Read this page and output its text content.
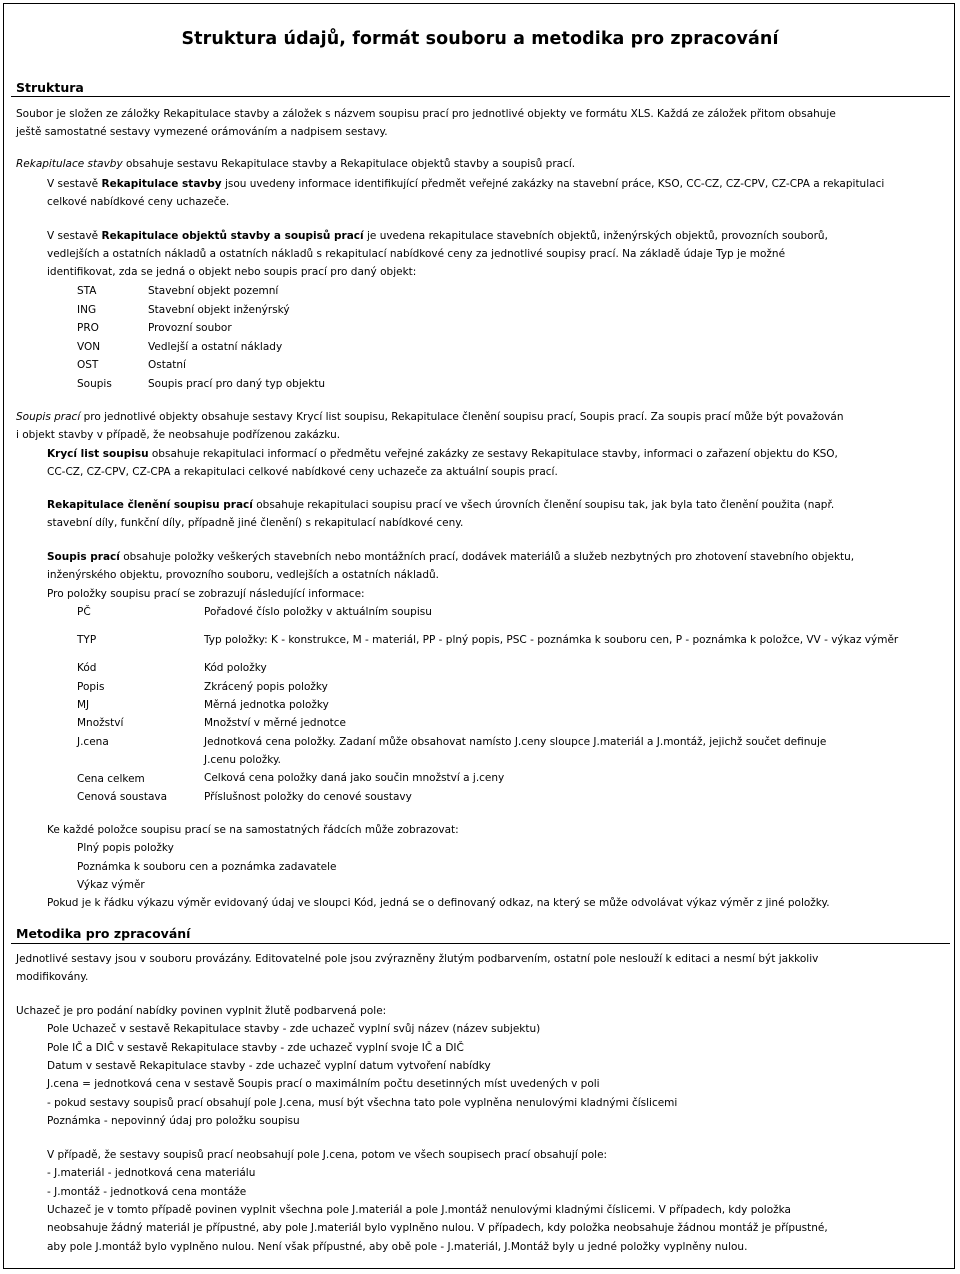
Struktura údajů, formát souboru a metodika pro zpracování
Struktura
Soubor je složen ze záložky Rekapitulace stavby a záložek s názvem soupisu prací pro jednotlivé objekty ve formátu XLS. Každá ze záložek přitom obsahuje
ještě samostatné sestavy vymezené orámováním a nadpisem sestavy.
Rekapitulace stavby obsahuje sestavu Rekapitulace stavby a Rekapitulace objektů stavby a soupisů prací.
V sestavě Rekapitulace stavby jsou uvedeny informace identifikující předmět veřejné zakázky na stavební práce, KSO, CC-CZ, CZ-CPV, CZ-CPA a rekapitulaci
celkové nabídkové ceny uchazeče.
V sestavě Rekapitulace objektů stavby a soupisů prací je uvedena rekapitulace stavebních objektů, inženýrských objektů, provozních souborů,
vedlejších a ostatních nákladů a ostatních nákladů s rekapitulací nabídkové ceny za jednotlivé soupisy prací. Na základě údaje Typ je možné
identifikovat, zda se jedná o objekt nebo soupis prací pro daný objekt:
STA	Stavební objekt pozemní
ING	Stavební objekt inženýrský
PRO	Provozní soubor
VON	Vedlejší a ostatní náklady
OST	Ostatní
Soupis	Soupis prací pro daný typ objektu
Soupis prací pro jednotlivé objekty obsahuje sestavy Krycí list soupisu, Rekapitulace členění soupisu prací, Soupis prací. Za soupis prací může být považován
i objekt stavby v případě, že neobsahuje podřízenou zakázku.
Krycí list soupisu obsahuje rekapitulaci informací o předmětu veřejné zakázky ze sestavy Rekapitulace stavby, informaci o zařazení objektu do KSO,
CC-CZ, CZ-CPV, CZ-CPA a rekapitulaci celkové nabídkové ceny uchazeče za aktuální soupis prací.
Rekapitulace členění soupisu prací obsahuje rekapitulaci soupisu prací ve všech úrovních členění soupisu tak, jak byla tato členění použita (např.
stavební díly, funkční díly, případně jiné členění) s rekapitulací nabídkové ceny.
Soupis prací obsahuje položky veškerých stavebních nebo montážních prací, dodávek materiálů a služeb nezbytných pro zhotovení stavebního objektu,
inženýrského objektu, provozního souboru, vedlejších a ostatních nákladů.
Pro položky soupisu prací se zobrazují následující informace:
PČ	Pořadové číslo položky v aktuálním soupisu
TYP	Typ položky: K - konstrukce, M - materiál, PP - plný popis, PSC - poznámka k souboru cen, P - poznámka k položce, VV - výkaz výměr
Kód	Kód položky
Popis	Zkrácený popis položky
MJ	Měrná jednotka položky
Množství	Množství v měrné jednotce
J.cena	Jednotková cena položky. Zadaní může obsahovat namísto J.ceny sloupce J.materiál a J.montáž, jejichž součet definuje
J.cenu položky.
Cena celkem	Celková cena položky daná jako součin množství a j.ceny
Cenová soustava	Příslušnost položky do cenové soustavy
Ke každé položce soupisu prací se na samostatných řádcích může zobrazovat:
Plný popis položky
Poznámka k souboru cen a poznámka zadavatele
Výkaz výměr
Pokud je k řádku výkazu výměr evidovaný údaj ve sloupci Kód, jedná se o definovaný odkaz, na který se může odvolávat výkaz výměr z jiné položky.
Metodika pro zpracování
Jednotlivé sestavy jsou v souboru provázány. Editovatelné pole jsou zvýrazněny žlutým podbarvením, ostatní pole neslouží k editaci a nesmí být jakkoliv
modifikovány.
Uchazeč je pro podání nabídky povinen vyplnit žlutě podbarvená pole:
Pole Uchazeč v sestavě Rekapitulace stavby - zde uchazeč vyplní svůj název (název subjektu)
Pole IČ a DIČ v sestavě Rekapitulace stavby - zde uchazeč vyplní svoje IČ a DIČ
Datum v sestavě Rekapitulace stavby - zde uchazeč vyplní datum vytvoření nabídky
J.cena = jednotková cena v sestavě Soupis prací o maximálním počtu desetinných míst uvedených v poli
- pokud sestavy soupisů prací obsahují pole J.cena, musí být všechna tato pole vyplněna nenulovými kladnými číslicemi
Poznámka - nepovinný údaj pro položku soupisu
V případě, že sestavy soupisů prací neobsahují pole J.cena, potom ve všech soupisech prací obsahují pole:
- J.materiál - jednotková cena materiálu
- J.montáž - jednotková cena montáže
Uchazeč je v tomto případě povinen vyplnit všechna pole J.materiál a pole J.montáž nenulovými kladnými číslicemi. V případech, kdy položka
neobsahuje žádný materiál je přípustné, aby pole J.materiál bylo vyplněno nulou. V případech, kdy položka neobsahuje žádnou montáž je přípustné,
aby pole J.montáž bylo vyplněno nulou. Není však přípustné, aby obě pole - J.materiál, J.Montáž byly u jedné položky vyplněny nulou.
